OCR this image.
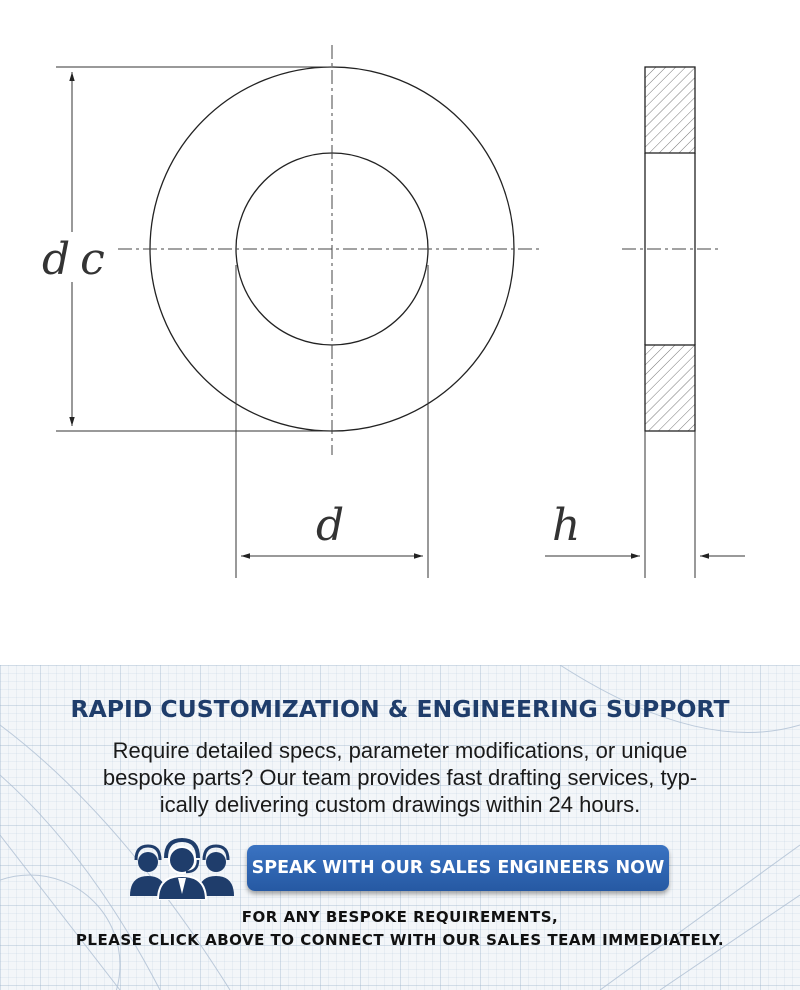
dc
d	h
RAPID CUSTOMIZATION & ENGINEERING SUPPORT
Require detailed specs, parameter modifications, or unique
bespoke parts? Our team provides fast drafting services, typ-
ically delivering custom drawings within 24 hours.
SPEAK WITH OUR SALES ENGINEERS NOW
FOR ANY BESPOKE REQUIREMENTS,
PLEASE CLICK ABOVE TO CONNECT WITH OUR SALES TEAM IMMEDIATELY.
